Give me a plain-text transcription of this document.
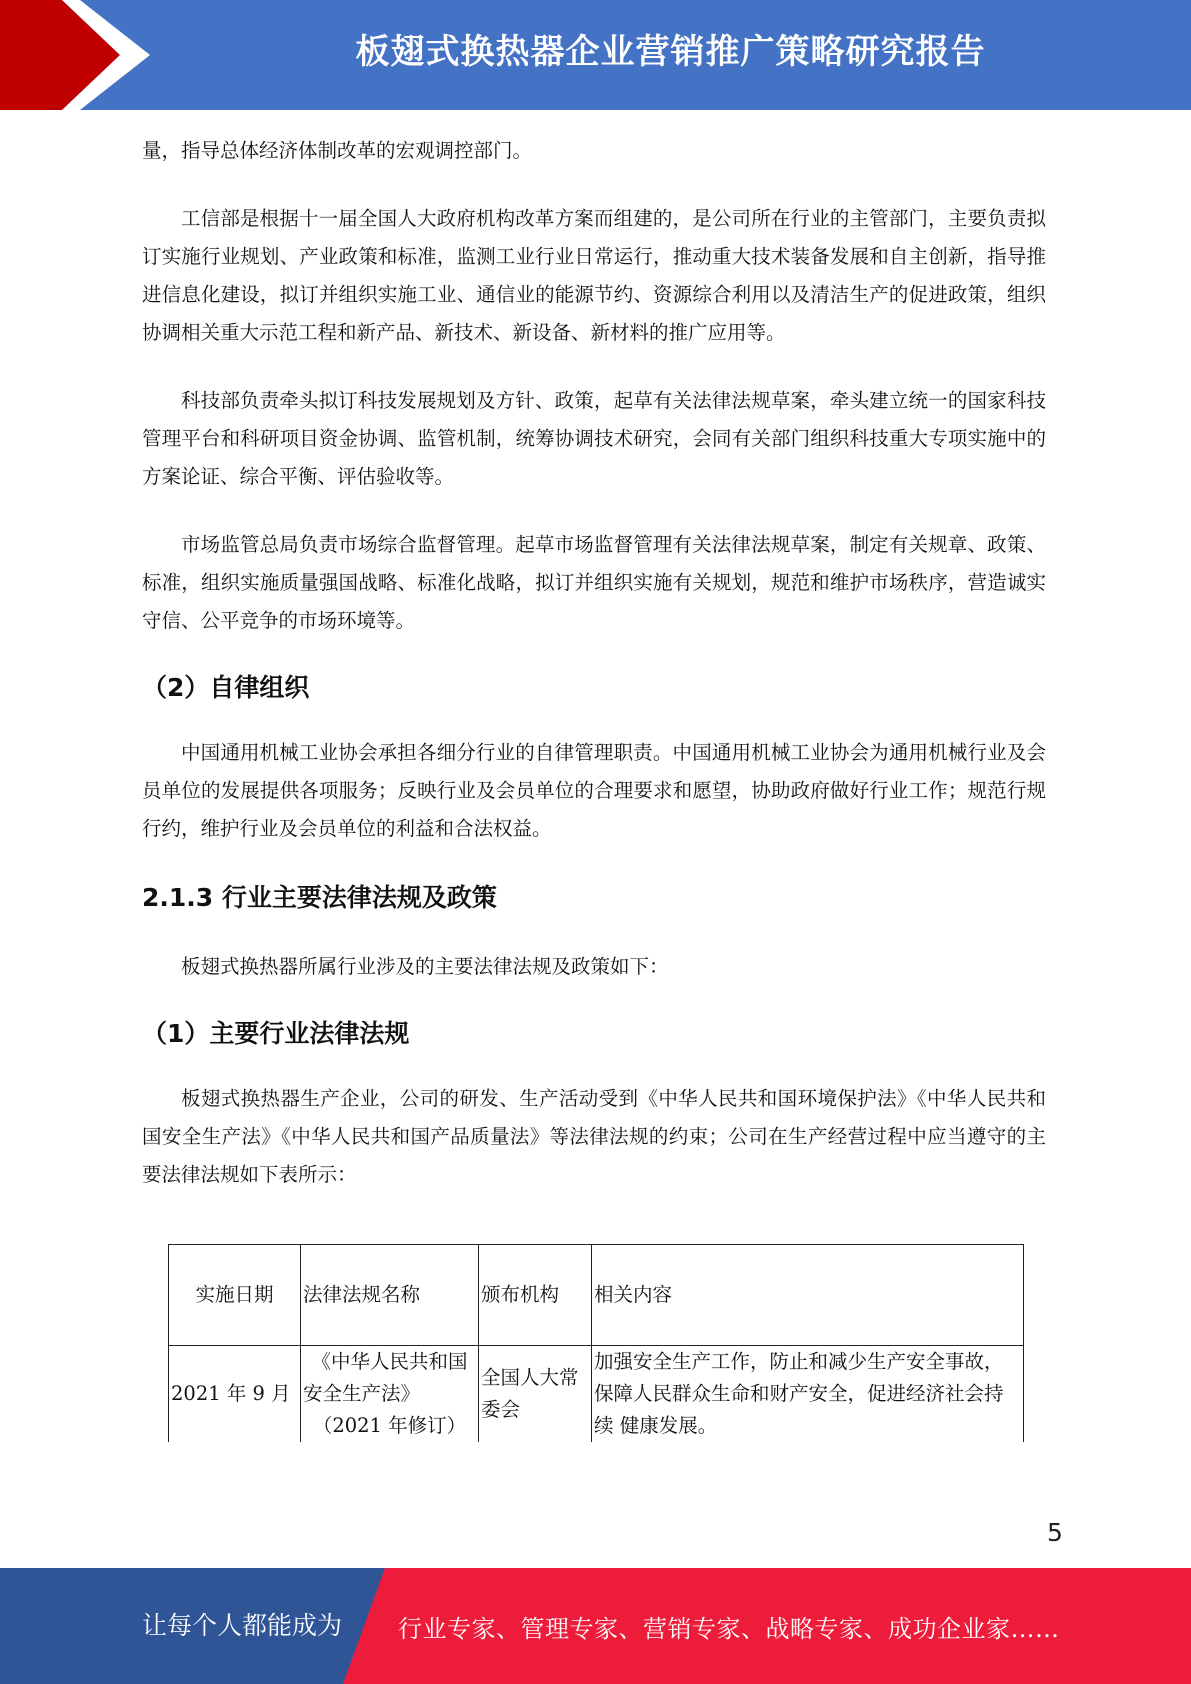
板翅式换热器企业营销推广策略研究报告

量，指导总体经济体制改革的宏观调控部门。

工信部是根据十一届全国人大政府机构改革方案而组建的，是公司所在行业的主管部门，主要负责拟订实施行业规划、产业政策和标准，监测工业行业日常运行，推动重大技术装备发展和自主创新，指导推进信息化建设，拟订并组织实施工业、通信业的能源节约、资源综合利用以及清洁生产的促进政策，组织协调相关重大示范工程和新产品、新技术、新设备、新材料的推广应用等。

科技部负责牵头拟订科技发展规划及方针、政策，起草有关法律法规草案，牵头建立统一的国家科技管理平台和科研项目资金协调、监管机制，统筹协调技术研究，会同有关部门组织科技重大专项实施中的方案论证、综合平衡、评估验收等。

市场监管总局负责市场综合监督管理。起草市场监督管理有关法律法规草案，制定有关规章、政策、标准，组织实施质量强国战略、标准化战略，拟订并组织实施有关规划，规范和维护市场秩序，营造诚实守信、公平竞争的市场环境等。

（2）自律组织

中国通用机械工业协会承担各细分行业的自律管理职责。中国通用机械工业协会为通用机械行业及会员单位的发展提供各项服务；反映行业及会员单位的合理要求和愿望，协助政府做好行业工作；规范行规行约，维护行业及会员单位的利益和合法权益。

2.1.3 行业主要法律法规及政策

板翅式换热器所属行业涉及的主要法律法规及政策如下：

（1）主要行业法律法规

板翅式换热器生产企业，公司的研发、生产活动受到《中华人民共和国环境保护法》《中华人民共和国安全生产法》《中华人民共和国产品质量法》等法律法规的约束；公司在生产经营过程中应当遵守的主要法律法规如下表所示：

实施日期	法律法规名称	颁布机构	相关内容
2021 年 9 月	《中华人民共和国
安全生产法》
（2021 年修订）	全国人大常委会	加强安全生产工作，防止和减少生产安全事故， 保障人民群众生命和财产安全，促进经济社会持续 健康发展。
5
让每个人都能成为 行业专家、管理专家、营销专家、战略专家、成功企业家……
